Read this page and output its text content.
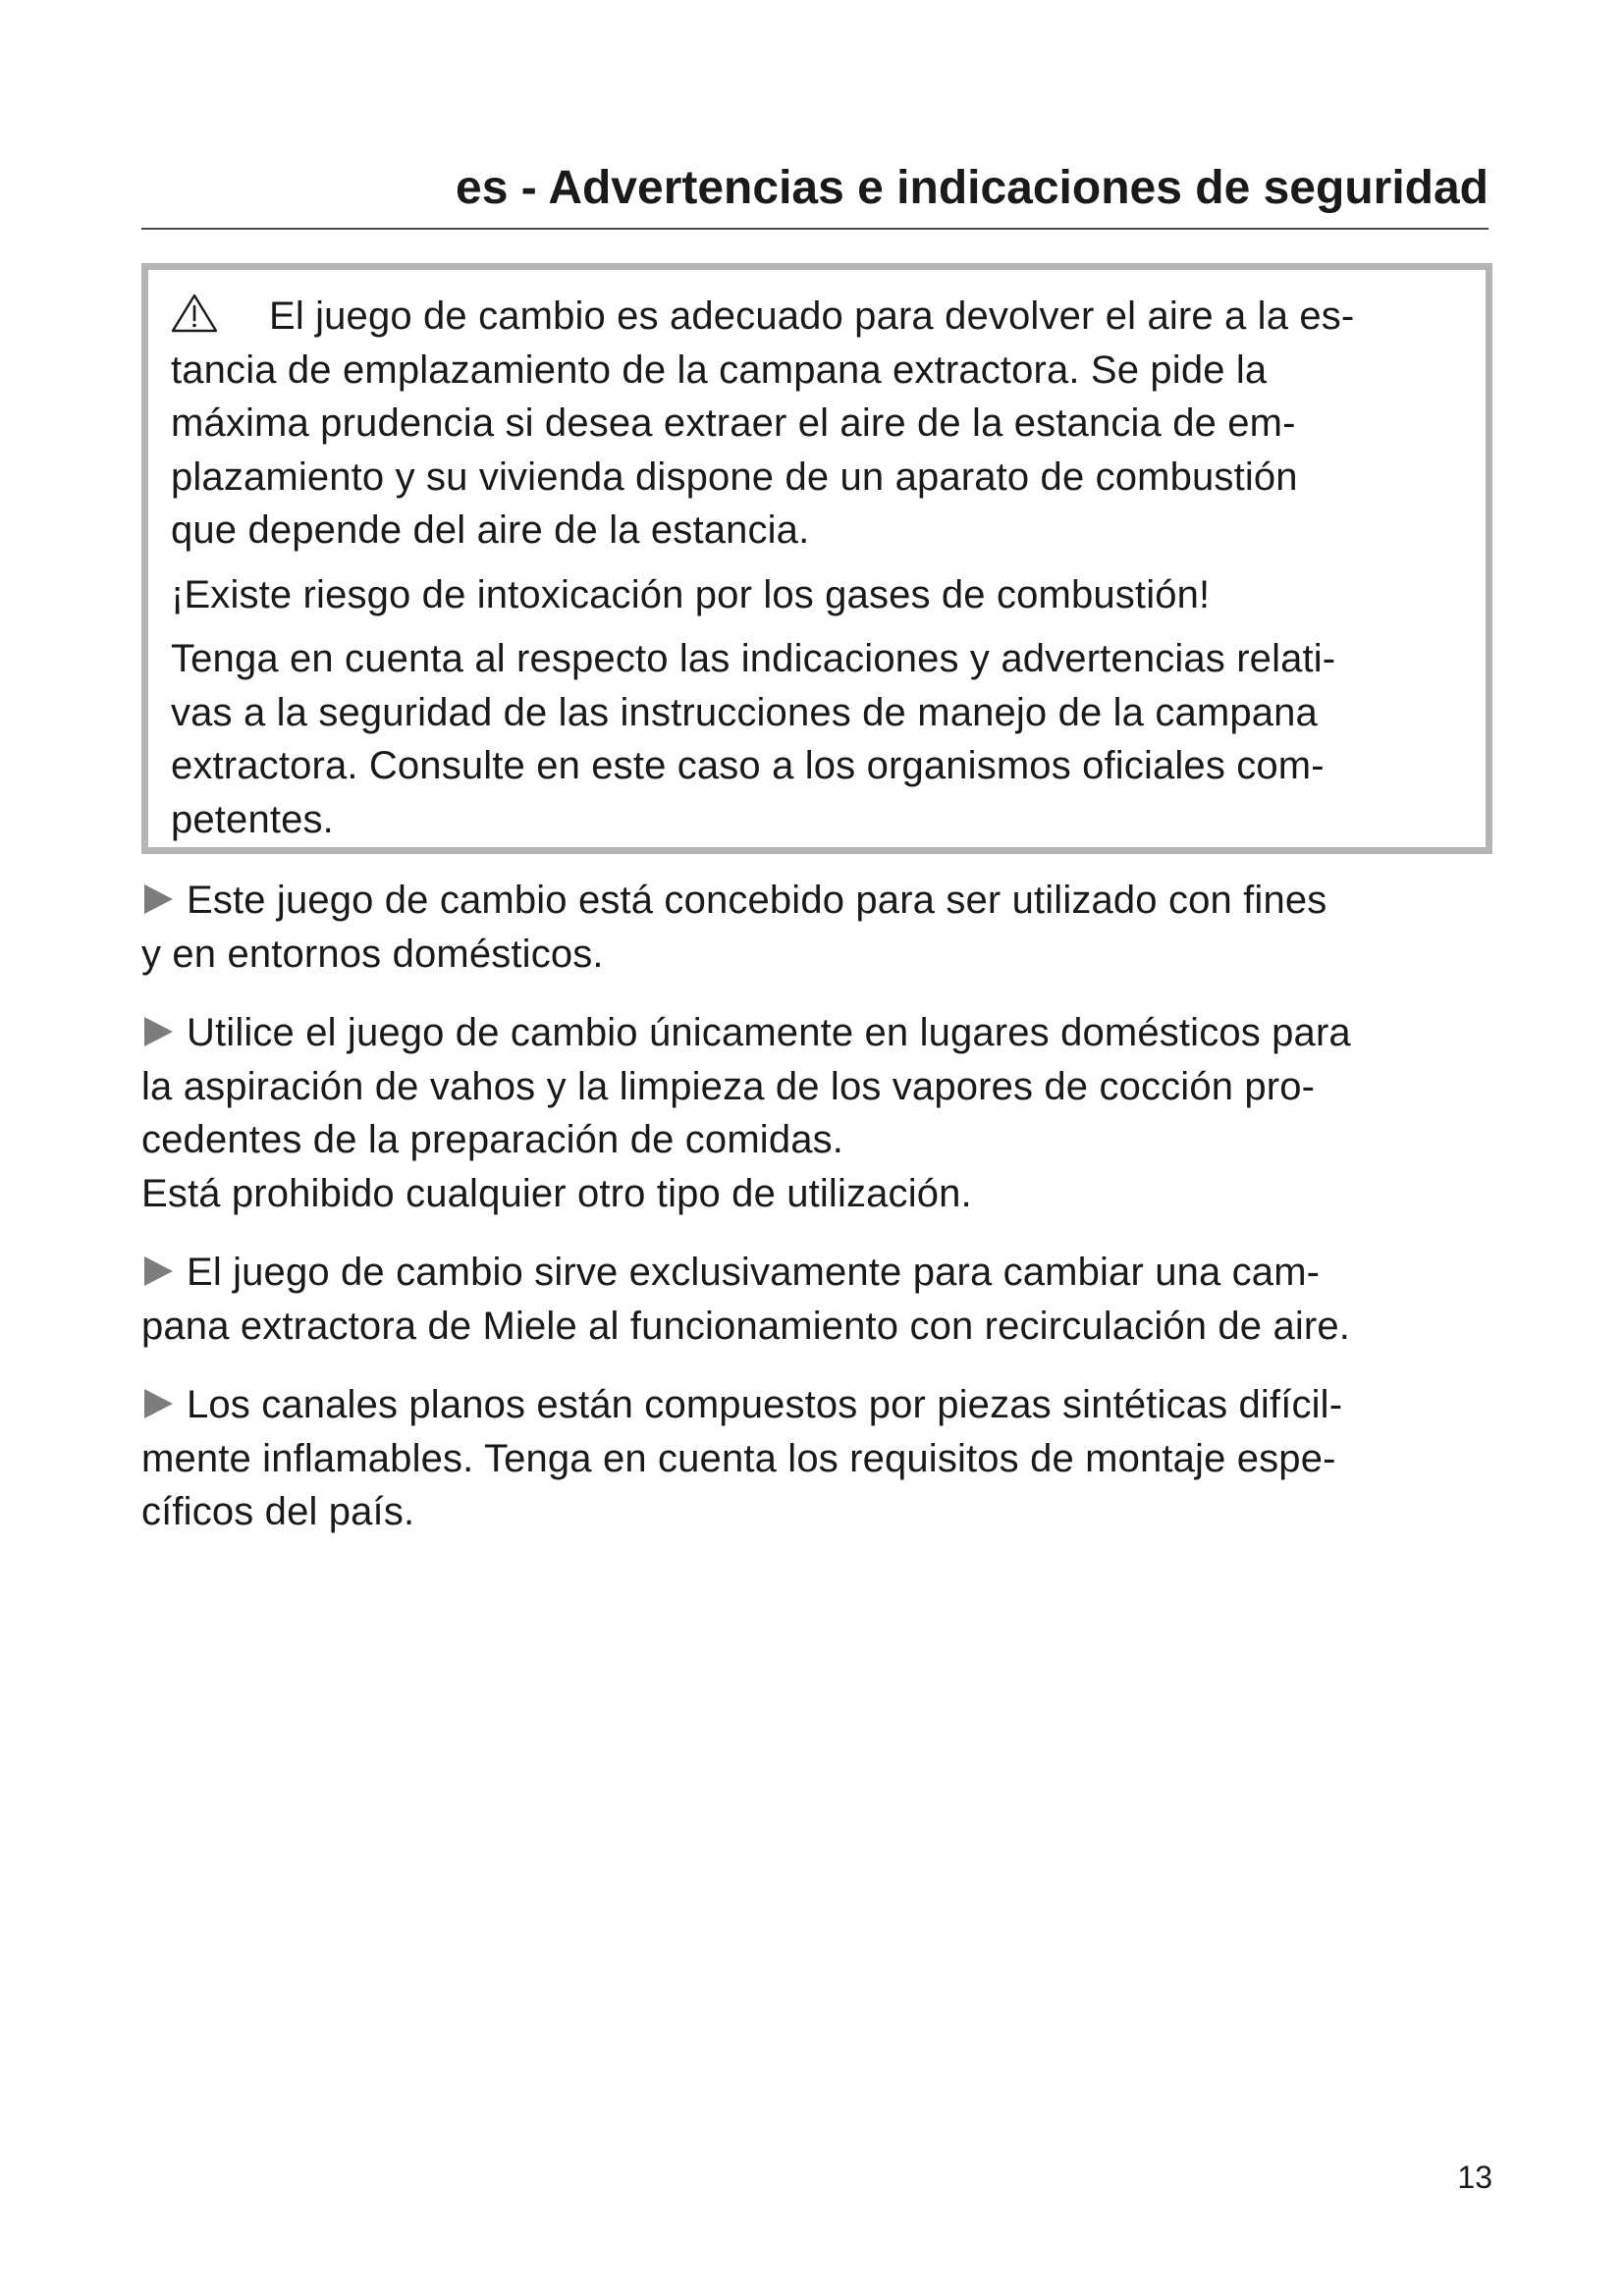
es - Advertencias e indicaciones de seguridad

El juego de cambio es adecuado para devolver el aire a la es-
tancia de emplazamiento de la campana extractora. Se pide la
máxima prudencia si desea extraer el aire de la estancia de em-
plazamiento y su vivienda dispone de un aparato de combustión
que depende del aire de la estancia.

¡Existe riesgo de intoxicación por los gases de combustión!

Tenga en cuenta al respecto las indicaciones y advertencias relati-
vas a la seguridad de las instrucciones de manejo de la campana
extractora. Consulte en este caso a los organismos oficiales com-
petentes.

Este juego de cambio está concebido para ser utilizado con fines
y en entornos domésticos.

Utilice el juego de cambio únicamente en lugares domésticos para
la aspiración de vahos y la limpieza de los vapores de cocción pro-
cedentes de la preparación de comidas.
Está prohibido cualquier otro tipo de utilización.

El juego de cambio sirve exclusivamente para cambiar una cam-
pana extractora de Miele al funcionamiento con recirculación de aire.

Los canales planos están compuestos por piezas sintéticas difícil-
mente inflamables. Tenga en cuenta los requisitos de montaje espe-
cíficos del país.

13
